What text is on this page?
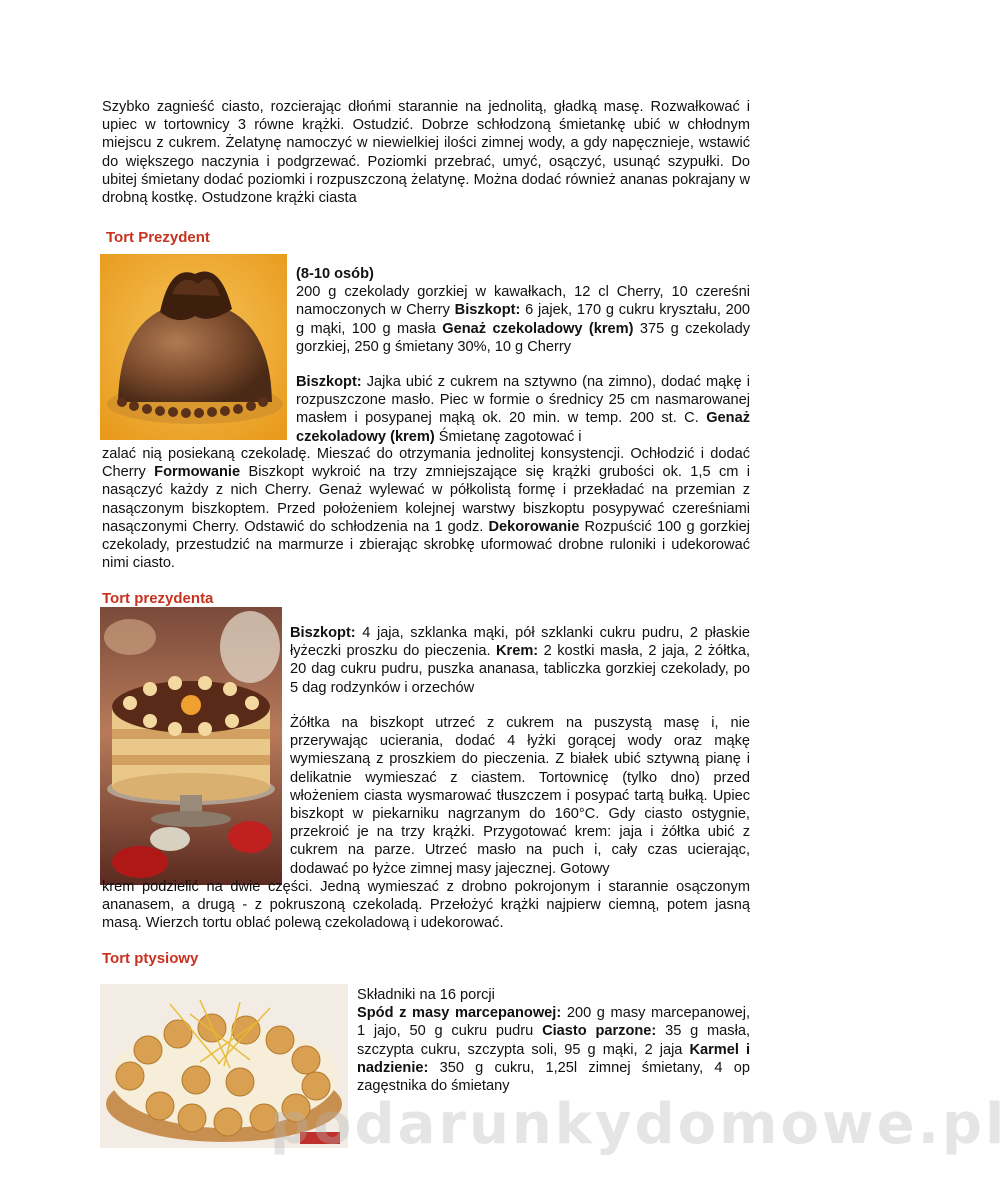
Szybko zagnieść ciasto, rozcierając dłońmi starannie na jednolitą, gładką masę. Rozwałkować i upiec w tortownicy 3 równe krążki. Ostudzić. Dobrze schłodzoną śmietankę ubić w chłodnym miejscu z cukrem. Żelatynę namoczyć w niewielkiej ilości zimnej wody, a gdy napęcznieje, wstawić do większego naczynia i podgrzewać. Poziomki przebrać, umyć, osączyć, usunąć szypułki. Do ubitej śmietany dodać poziomki i rozpuszczoną żelatynę. Można dodać również ananas pokrajany w drobną kostkę. Ostudzone krążki ciasta
Tort Prezydent
(8-10 osób)
200 g czekolady gorzkiej w kawałkach, 12 cl Cherry, 10 czereśni namoczonych w Cherry Biszkopt: 6 jajek, 170 g cukru kryształu, 200 g mąki, 100 g masła Genaż czekoladowy (krem) 375 g czekolady gorzkiej, 250 g śmietany 30%, 10 g Cherry
Biszkopt: Jajka ubić z cukrem na sztywno (na zimno), dodać mąkę i rozpuszczone masło. Piec w formie o średnicy 25 cm nasmarowanej masłem i posypanej mąką ok. 20 min. w temp. 200 st. C. Genaż czekoladowy (krem) Śmietanę zagotować i
zalać nią posiekaną czekoladę. Mieszać do otrzymania jednolitej konsystencji. Ochłodzić i dodać Cherry Formowanie Biszkopt wykroić na trzy zmniejszające się krążki grubości ok. 1,5 cm i nasączyć każdy z nich Cherry. Genaż wylewać w półkolistą formę i przekładać na przemian z nasączonym biszkoptem. Przed położeniem kolejnej warstwy biszkoptu posypywać czereśniami nasączonymi Cherry. Odstawić do schłodzenia na 1 godz. Dekorowanie Rozpuścić 100 g gorzkiej czekolady, przestudzić na marmurze i zbierając skrobkę uformować drobne ruloniki i udekorować nimi ciasto.
Tort prezydenta
Biszkopt: 4 jaja, szklanka mąki, pół szklanki cukru pudru, 2 płaskie łyżeczki proszku do pieczenia. Krem: 2 kostki masła, 2 jaja, 2 żółtka, 20 dag cukru pudru, puszka ananasa, tabliczka gorzkiej czekolady, po 5 dag rodzynków i orzechów
Żółtka na biszkopt utrzeć z cukrem na puszystą masę i, nie przerywając ucierania, dodać 4 łyżki gorącej wody oraz mąkę wymieszaną z proszkiem do pieczenia. Z białek ubić sztywną pianę i delikatnie wymieszać z ciastem. Tortownicę (tylko dno) przed włożeniem ciasta wysmarować tłuszczem i posypać tartą bułką. Upiec biszkopt w piekarniku nagrzanym do 160°C. Gdy ciasto ostygnie, przekroić je na trzy krążki. Przygotować krem: jaja i żółtka ubić z cukrem na parze. Utrzeć masło na puch i, cały czas ucierając, dodawać po łyżce zimnej masy jajecznej. Gotowy
krem podzielić na dwie części. Jedną wymieszać z drobno pokrojonym i starannie osączonym ananasem, a drugą - z pokruszoną czekoladą. Przełożyć krążki najpierw ciemną, potem jasną masą. Wierzch tortu oblać polewą czekoladową i udekorować.
Tort ptysiowy
Składniki na 16 porcji
Spód z masy marcepanowej: 200 g masy marcepanowej, 1 jajo, 50 g cukru pudru Ciasto parzone: 35 g masła, szczypta cukru, szczypta soli, 95 g mąki, 2 jaja Karmel i nadzienie: 350 g cukru, 1,25l zimnej śmietany, 4 op zagęstnika do śmietany
podarunkydomowe.pl
